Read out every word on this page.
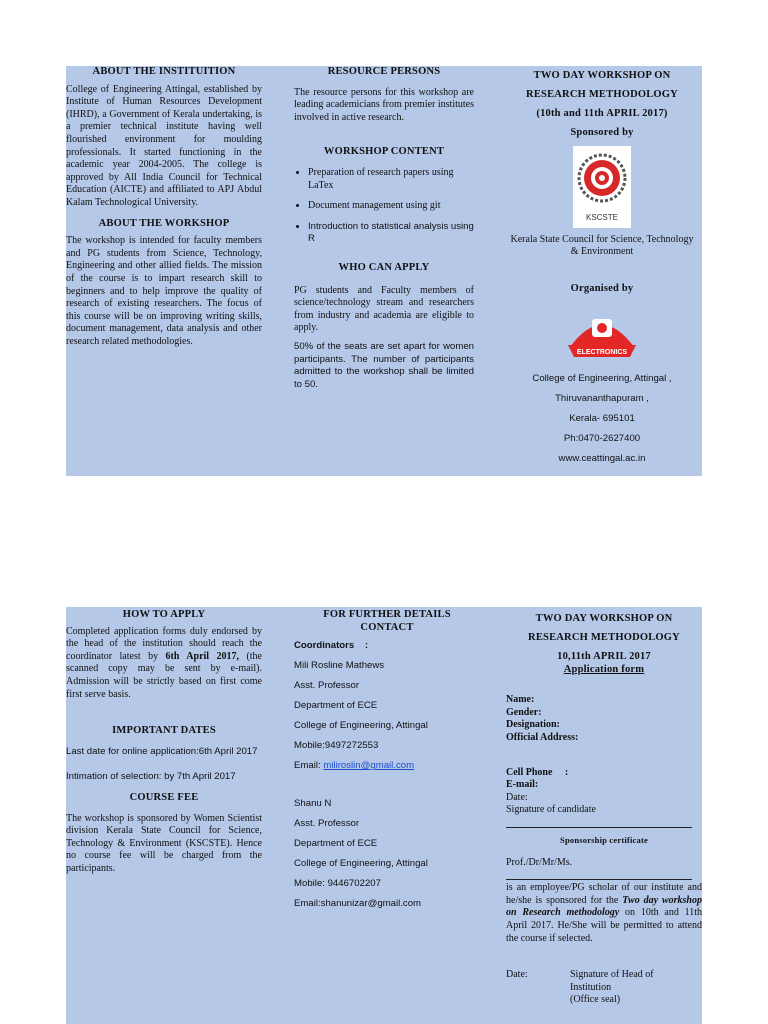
ABOUT THE INSTITUITION
College of Engineering Attingal, established by Institute of Human Resources Development (IHRD), a Government of Kerala undertaking, is a premier technical institute having well flourished environment for moulding professionals. It started functioning in the academic year 2004-2005. The college is approved by All India Council for Technical Education (AICTE) and affiliated to APJ Abdul Kalam Technological University.
ABOUT THE WORKSHOP
The workshop is intended for faculty members and PG students from Science, Technology, Engineering and other allied fields. The mission of the course is to impart research skill to beginners and to help improve the quality of research of existing researchers. The focus of this course will be on improving writing skills, document management, data analysis and other research related methodologies.
RESOURCE PERSONS
The resource persons for this workshop are leading academicians from premier institutes involved in active research.
WORKSHOP CONTENT
• Preparation of research papers using LaTex
• Document management using git
• Introduction to statistical analysis using R
WHO CAN APPLY
PG students and Faculty members of science/technology stream and researchers from industry and academia are eligible to apply.
50% of the seats are set apart for women participants. The number of participants admitted to the workshop shall be limited to 50.
TWO DAY WORKSHOP ON
RESEARCH METHODOLOGY
(10th and 11th APRIL 2017)
Sponsored by
KSCSTE
Kerala State Council for Science, Technology & Environment
Organised by
ELECTRONICS
College of Engineering, Attingal ,
Thiruvananthapuram ,
Kerala- 695101
Ph:0470-2627400
www.ceattingal.ac.in
HOW TO APPLY
Completed application forms duly endorsed by the head of the institution should reach the coordinator latest by 6th April 2017, (the scanned copy may be sent by e-mail). Admission will be strictly based on first come first serve basis.
IMPORTANT DATES
Last date for online application:6th April 2017
Intimation of selection: by 7th April 2017
COURSE FEE
The workshop is sponsored by Women Scientist division Kerala State Council for Science, Technology & Environment (KSCSTE). Hence no course fee will be charged from the participants.
FOR FURTHER DETAILS
CONTACT
Coordinators    :
Mili Rosline Mathews
Asst. Professor
Department of ECE
College of Engineering, Attingal
Mobile:9497272553
Email: miliroslin@gmail.com
Shanu N
Asst. Professor
Department of ECE
College of Engineering, Attingal
Mobile: 9446702207
Email:shanunizar@gmail.com
TWO DAY WORKSHOP ON
RESEARCH METHODOLOGY
10,11th APRIL 2017
Application form
Name:
Gender:
Designation:
Official Address:
Cell Phone     :
E-mail:
Date:
Signature of candidate
Sponsorship certificate
Prof./Dr/Mr/Ms.
is an employee/PG scholar of our institute and he/she is sponsored for the Two day workshop on Research methodology on 10th and 11th April 2017. He/She will be permitted to attend the course if selected.
Date:	Signature of Head of
Institution
(Office seal)
